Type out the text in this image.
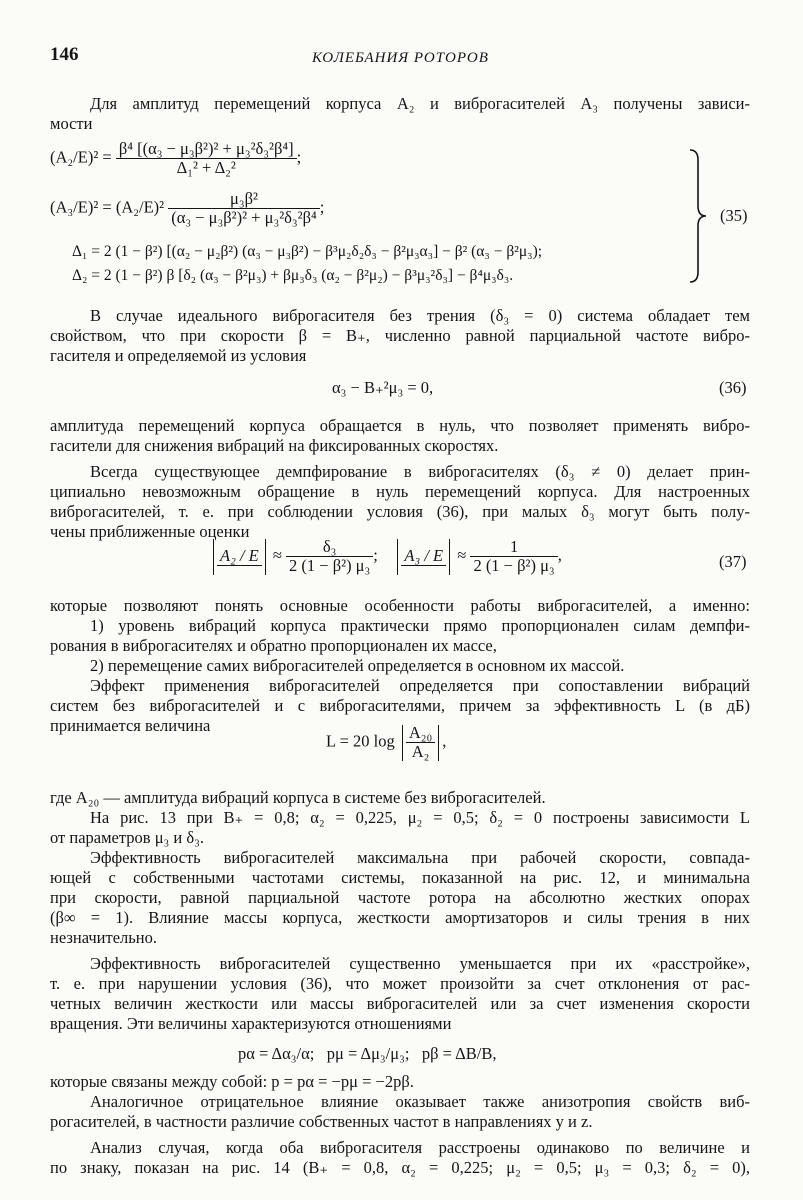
146	КОЛЕБАНИЯ РОТОРОВ
Для амплитуд перемещений корпуса A₂ и виброгасителей A₃ получены зависи-
мости
$(A_2/E)^2 = \frac{\text{β⁴ [(α₃ − μ₃β²)² + μ₃²δ₃²β⁴]}}{\text{Δ₁² + Δ₂²}}$ ;
$(A_3/E)^2 = (A_2/E)^2 \frac{\text{μ₃β²}}{\text{(α₃ − μ₃β²)² + μ₃²δ₃²β⁴}}$ ;
Δ₁ = 2 (1 − β²) [(α₂ − μ₂β²) (α₃ − μ₃β²) − β³μ₂δ₂δ₃ − β²μ₃α₃] − β² (α₃ − β²μ₃);
Δ₂ = 2 (1 − β²) β [δ₂ (α₃ − β²μ₃) + βμ₃δ₃ (α₂ − β²μ₂) − β³μ₃²δ₃] − β⁴μ₃δ₃.
(35)
В случае идеального виброгасителя без трения (δ₃ = 0) система обладает тем
свойством, что при скорости β = B₊, численно равной парциальной частоте вибро-
гасителя и определяемой из условия
α₃ − B₊²μ₃ = 0,	(36)
амплитуда перемещений корпуса обращается в нуль, что позволяет применять вибро-
гасители для снижения вибраций на фиксированных скоростях.
Всегда существующее демпфирование в виброгасителях (δ₃ ≠ 0) делает прин-
ципиально невозможным обращение в нуль перемещений корпуса. Для настроенных
виброгасителей, т. е. при соблюдении условия (36), при малых δ₃ могут быть полу-
чены приближенные оценки
$A_2 / E \approx \frac{\text{δ₃}}{\text{2 (1 − β²) μ₃}}$ ; $A_3 / E \approx \frac{1}{\text{2 (1 − β²) μ₃}}$ ,	(37)
которые позволяют понять основные особенности работы виброгасителей, а именно:
1) уровень вибраций корпуса практически прямо пропорционален силам демпфи-
рования в виброгасителях и обратно пропорционален их массе,
2) перемещение самих виброгасителей определяется в основном их массой.
Эффект применения виброгасителей определяется при сопоставлении вибраций
систем без виброгасителей и с виброгасителями, причем за эффективность L (в дБ)
принимается величина
L = 20 $\log \frac{\text{A₂₀}}{\text{A₂}}$ ,
где A₂₀ — амплитуда вибраций корпуса в системе без виброгасителей.
На рис. 13 при B₊ = 0,8; α₂ = 0,225, μ₂ = 0,5; δ₂ = 0 построены зависимости L
от параметров μ₃ и δ₃.
Эффективность виброгасителей максимальна при рабочей скорости, совпада-
ющей с собственными частотами системы, показанной на рис. 12, и минимальна
при скорости, равной парциальной частоте ротора на абсолютно жестких опорах
(β∞ = 1). Влияние массы корпуса, жесткости амортизаторов и силы трения в них
незначительно.
Эффективность виброгасителей существенно уменьшается при их «расстройке»,
т. е. при нарушении условия (36), что может произойти за счет отклонения от рас-
четных величин жесткости или массы виброгасителей или за счет изменения скорости
вращения. Эти величины характеризуются отношениями
pα = Δα₃/α;   pμ = Δμ₃/μ₃;   pβ = ΔB/B,
которые связаны между собой: p = pα = −pμ = −2pβ.
Аналогичное отрицательное влияние оказывает также анизотропия свойств виб-
рогасителей, в частности различие собственных частот в направлениях y и z.
Анализ случая, когда оба виброгасителя расстроены одинаково по величине и
по знаку, показан на рис. 14 (B₊ = 0,8, α₂ = 0,225; μ₂ = 0,5; μ₃ = 0,3; δ₂ = 0),
